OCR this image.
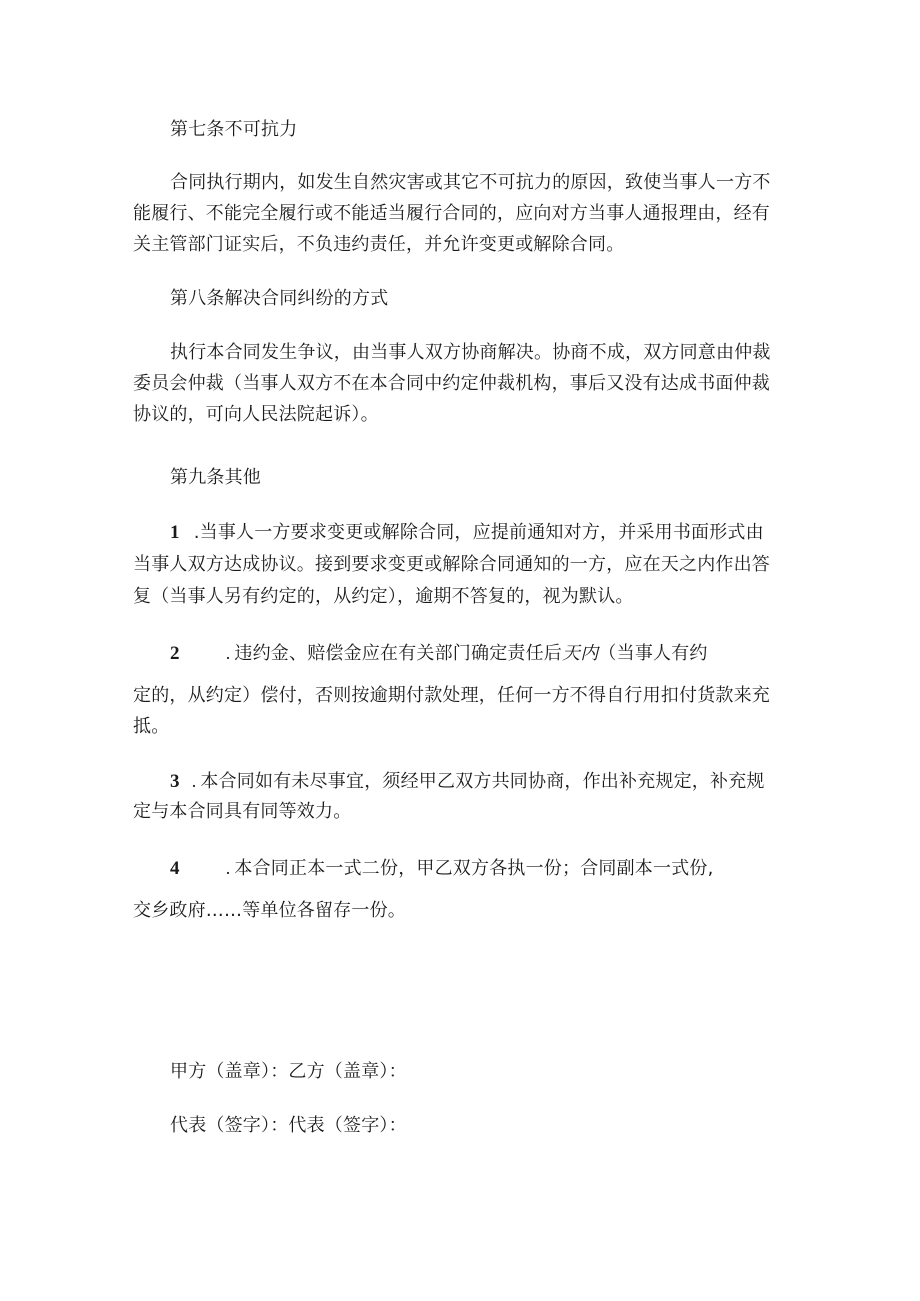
第七条不可抗力
合同执行期内，如发生自然灾害或其它不可抗力的原因，致使当事人一方不
能履行、不能完全履行或不能适当履行合同的，应向对方当事人通报理由，经有
关主管部门证实后，不负违约责任，并允许变更或解除合同。
第八条解决合同纠纷的方式
执行本合同发生争议，由当事人双方协商解决。协商不成，双方同意由仲裁
委员会仲裁（当事人双方不在本合同中约定仲裁机构，事后又没有达成书面仲裁
协议的，可向人民法院起诉）。
第九条其他
1 .当事人一方要求变更或解除合同，应提前通知对方，并采用书面形式由
当事人双方达成协议。接到要求变更或解除合同通知的一方，应在天之内作出答
复（当事人另有约定的，从约定），逾期不答复的，视为默认。
2	. 违约金、赔偿金应在有关部门确定责任后天内（当事人有约
定的，从约定）偿付，否则按逾期付款处理，任何一方不得自行用扣付货款来充
抵。
3 . 本合同如有未尽事宜，须经甲乙双方共同协商，作出补充规定，补充规
定与本合同具有同等效力。
4	. 本合同正本一式二份，甲乙双方各执一份；合同副本一式份,
交乡政府……等单位各留存一份。
甲方（盖章）：乙方（盖章）：
代表（签字）：代表（签字）：
